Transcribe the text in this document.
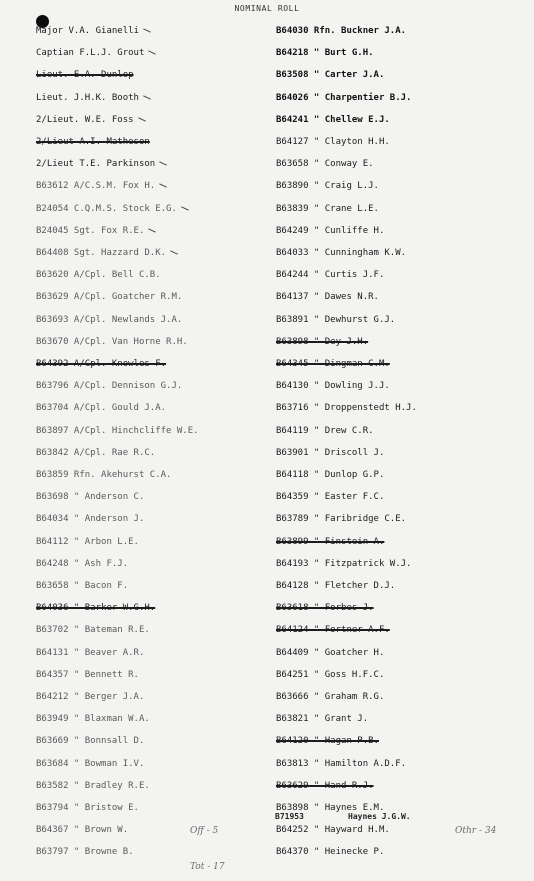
NOMINAL ROLL
Major V.A. Gianelli
Captian F.L.J. Grout
Lieut. E.A. Dunlop
Lieut. J.H.K. Booth
2/Lieut. W.E. Foss
2/Lieut A.I. Matheson
2/Lieut T.E. Parkinson
B63612 A/C.S.M. Fox H.
B24054 C.Q.M.S. Stock E.G.
B24045 Sgt. Fox R.E.
B64408 Sgt. Hazzard D.K.
B63620 A/Cpl. Bell C.B.
B63629 A/Cpl. Goatcher R.M.
B63693 A/Cpl. Newlands J.A.
B63670 A/Cpl. Van Horne R.H.
B64392 A/Cpl. Knowles F.
B63796 A/Cpl. Dennison G.J.
B63704 A/Cpl. Gould J.A.
B63897 A/Cpl. Hinchcliffe W.E.
B63842 A/Cpl. Rae R.C.
B63859 Rfn. Akehurst C.A.
B63698 " Anderson C.
B64034 " Anderson J.
B64112 " Arbon L.E.
B64248 " Ash F.J.
B63658 " Bacon F.
B64036 " Barker W.G.H.
B63702 " Bateman R.E.
B64131 " Beaver A.R.
B64357 " Bennett R.
B64212 " Berger J.A.
B63949 " Blaxman W.A.
B63669 " Bonnsall D.
B63684 " Bowman I.V.
B63582 " Bradley R.E.
B63794 " Bristow E.
B64367 " Brown W.
B63797 " Browne B.
B64030 Rfn. Buckner J.A.
B64218 " Burt G.H.
B63508 " Carter J.A.
B64026 " Charpentier B.J.
B64241 " Chellew E.J.
B64127 " Clayton H.H.
B63658 " Conway E.
B63890 " Craig L.J.
B63839 " Crane L.E.
B64249 " Cunliffe H.
B64033 " Cunningham K.W.
B64244 " Curtis J.F.
B64137 " Dawes N.R.
B63891 " Dewhurst G.J.
B63898 " Dey J.H.
B64345 " Dingman C.M.
B64130 " Dowling J.J.
B63716 " Droppenstedt H.J.
B64119 " Drew C.R.
B63901 " Driscoll J.
B64118 " Dunlop G.P.
B64359 " Easter F.C.
B63789 " Faribridge C.E.
B63899 " Finstein A.
B64193 " Fitzpatrick W.J.
B64128 " Fletcher D.J.
B63618 " Forbes J.
B64124 " Fortner A.F.
B64409 " Goatcher H.
B64251 " Goss H.F.C.
B63666 " Graham R.G.
B63821 " Grant J.
B64120 " Hagan P.B.
B63813 " Hamilton A.D.F.
B63629 " Hand R.J.
B63898 " Haynes E.M.
B64252 " Hayward H.M.
B64370 " Heinecke P.
B71953	Haynes J.G.W.
Off - 5	Othr - 34
Tot - 17
